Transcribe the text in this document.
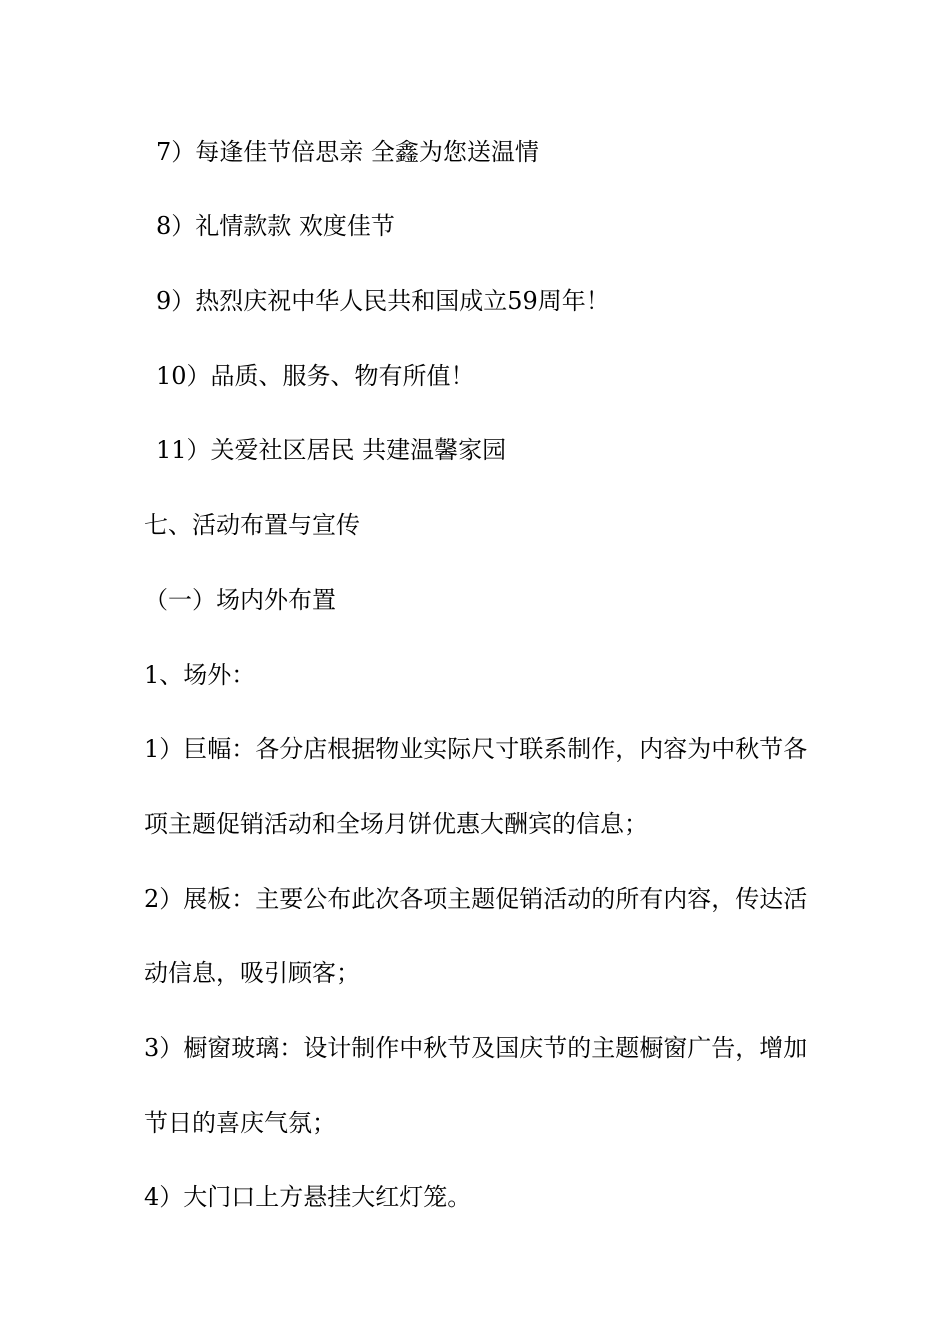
7）每逢佳节倍思亲 全鑫为您送温情
8）礼情款款 欢度佳节
9）热烈庆祝中华人民共和国成立59周年！
10）品质、服务、物有所值！
11）关爱社区居民 共建温馨家园
七、活动布置与宣传
（一）场内外布置
1、场外：
1）巨幅：各分店根据物业实际尺寸联系制作，内容为中秋节各
项主题促销活动和全场月饼优惠大酬宾的信息；
2）展板：主要公布此次各项主题促销活动的所有内容，传达活
动信息，吸引顾客；
3）橱窗玻璃：设计制作中秋节及国庆节的主题橱窗广告，增加
节日的喜庆气氛；
4）大门口上方悬挂大红灯笼。
